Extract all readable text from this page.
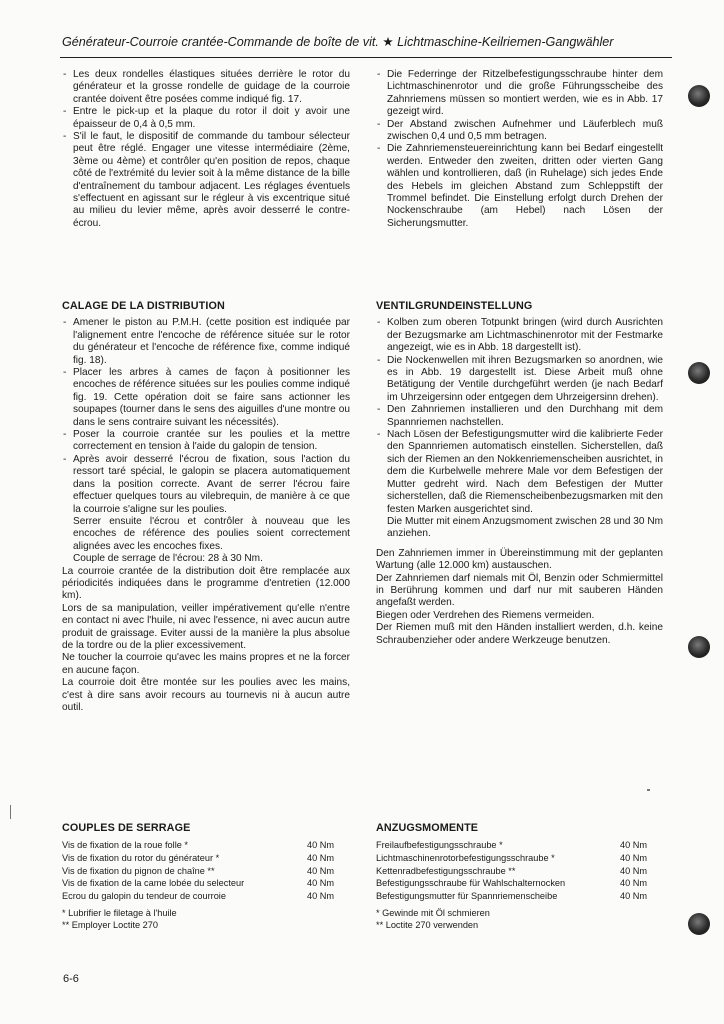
Générateur-Courroie crantée-Commande de boîte de vit. ★ Lichtmaschine-Keilriemen-Gangwähler
- Les deux rondelles élastiques situées derrière le rotor du générateur et la grosse rondelle de guidage de la courroie crantée doivent être posées comme indiqué fig. 17.
- Entre le pick-up et la plaque du rotor il doit y avoir une épaisseur de 0,4 à 0,5 mm.
- S'il le faut, le dispositif de commande du tambour sélecteur peut être réglé. Engager une vitesse intermédiaire (2ème, 3ème ou 4ème) et contrôler qu'en position de repos, chaque côté de l'extrémité du levier soit à la même distance de la bille d'entraînement du tambour adjacent. Les réglages éventuels s'effectuent en agissant sur le régleur à vis excentrique situé au milieu du levier même, après avoir desserré le contre-écrou.
CALAGE DE LA DISTRIBUTION
- Amener le piston au P.M.H. (cette position est indiquée par l'alignement entre l'encoche de référence située sur le rotor du générateur et l'encoche de référence fixe, comme indiqué fig. 18).
- Placer les arbres à cames de façon à positionner les encoches de référence situées sur les poulies comme indiqué fig. 19. Cette opération doit se faire sans actionner les soupapes (tourner dans le sens des aiguilles d'une montre ou dans le sens contraire suivant les nécessités).
- Poser la courroie crantée sur les poulies et la mettre correctement en tension à l'aide du galopin de tension.
- Après avoir desserré l'écrou de fixation, sous l'action du ressort taré spécial, le galopin se placera automatiquement dans la position correcte. Avant de serrer l'écrou faire effectuer quelques tours au vilebrequin, de manière à ce que la courroie s'aligne sur les poulies.
Serrer ensuite l'écrou et contrôler à nouveau que les encoches de référence des poulies soient correctement alignées avec les encoches fixes.
Couple de serrage de l'écrou: 28 à 30 Nm.
La courroie crantée de la distribution doit être remplacée aux périodicités indiquées dans le programme d'entretien (12.000 km).
Lors de sa manipulation, veiller impérativement qu'elle n'entre en contact ni avec l'huile, ni avec l'essence, ni avec aucun autre produit de graissage. Eviter aussi de la manière la plus absolue de la tordre ou de la plier excessivement.
Ne toucher la courroie qu'avec les mains propres et ne la forcer en aucune façon.
La courroie doit être montée sur les poulies avec les mains, c'est à dire sans avoir recours au tournevis ni à aucun autre outil.
COUPLES DE SERRAGE
Vis de fixation de la roue folle *	40 Nm
Vis de fixation du rotor du générateur *	40 Nm
Vis de fixation du pignon de chaîne **	40 Nm
Vis de fixation de la came lobée du selecteur	40 Nm
Ecrou du galopin du tendeur de courroie	40 Nm
* Lubrifier le filetage à l'huile
** Employer Loctite 270
- Die Federringe der Ritzelbefestigungsschraube hinter dem Lichtmaschinenrotor und die große Führungsscheibe des Zahnriemens müssen so montiert werden, wie es in Abb. 17 gezeigt wird.
- Der Abstand zwischen Aufnehmer und Läuferblech muß zwischen 0,4 und 0,5 mm betragen.
- Die Zahnriemensteuereinrichtung kann bei Bedarf eingestellt werden. Entweder den zweiten, dritten oder vierten Gang wählen und kontrollieren, daß (in Ruhelage) sich jedes Ende des Hebels im gleichen Abstand zum Schleppstift der Trommel befindet. Die Einstellung erfolgt durch Drehen der Nockenschraube (am Hebel) nach Lösen der Sicherungsmutter.
VENTILGRUNDEINSTELLUNG
- Kolben zum oberen Totpunkt bringen (wird durch Ausrichten der Bezugsmarke am Lichtmaschinenrotor mit der Festmarke angezeigt, wie es in Abb. 18 dargestellt ist).
- Die Nockenwellen mit ihren Bezugsmarken so anordnen, wie es in Abb. 19 dargestellt ist. Diese Arbeit muß ohne Betätigung der Ventile durchgeführt werden (je nach Bedarf im Uhrzeigersinn oder entgegen dem Uhrzeigersinn drehen).
- Den Zahnriemen installieren und den Durchhang mit dem Spannriemen nachstellen.
- Nach Lösen der Befestigungsmutter wird die kalibrierte Feder den Spannriemen automatisch einstellen. Sicherstellen, daß sich der Riemen an den Nokkenriemenscheiben ausrichtet, in dem die Kurbelwelle mehrere Male vor dem Befestigen der Mutter gedreht wird. Nach dem Befestigen der Mutter sicherstellen, daß die Riemenscheibenbezugsmarken mit den festen Marken ausgerichtet sind.
Die Mutter mit einem Anzugsmoment zwischen 28 und 30 Nm anziehen.
Den Zahnriemen immer in Übereinstimmung mit der geplanten Wartung (alle 12.000 km) austauschen.
Der Zahnriemen darf niemals mit Öl, Benzin oder Schmiermittel in Berührung kommen und darf nur mit sauberen Händen angefaßt werden.
Biegen oder Verdrehen des Riemens vermeiden.
Der Riemen muß mit den Händen installiert werden, d.h. keine Schraubenzieher oder andere Werkzeuge benutzen.
ANZUGSMOMENTE
Freilaufbefestigungsschraube *	40 Nm
Lichtmaschinenrotorbefestigungsschraube *	40 Nm
Kettenradbefestigungsschraube **	40 Nm
Befestigungsschraube für Wahlschalternocken	40 Nm
Befestigungsmutter für Spannriemenscheibe	40 Nm
* Gewinde mit Öl schmieren
** Loctite 270 verwenden
6-6
